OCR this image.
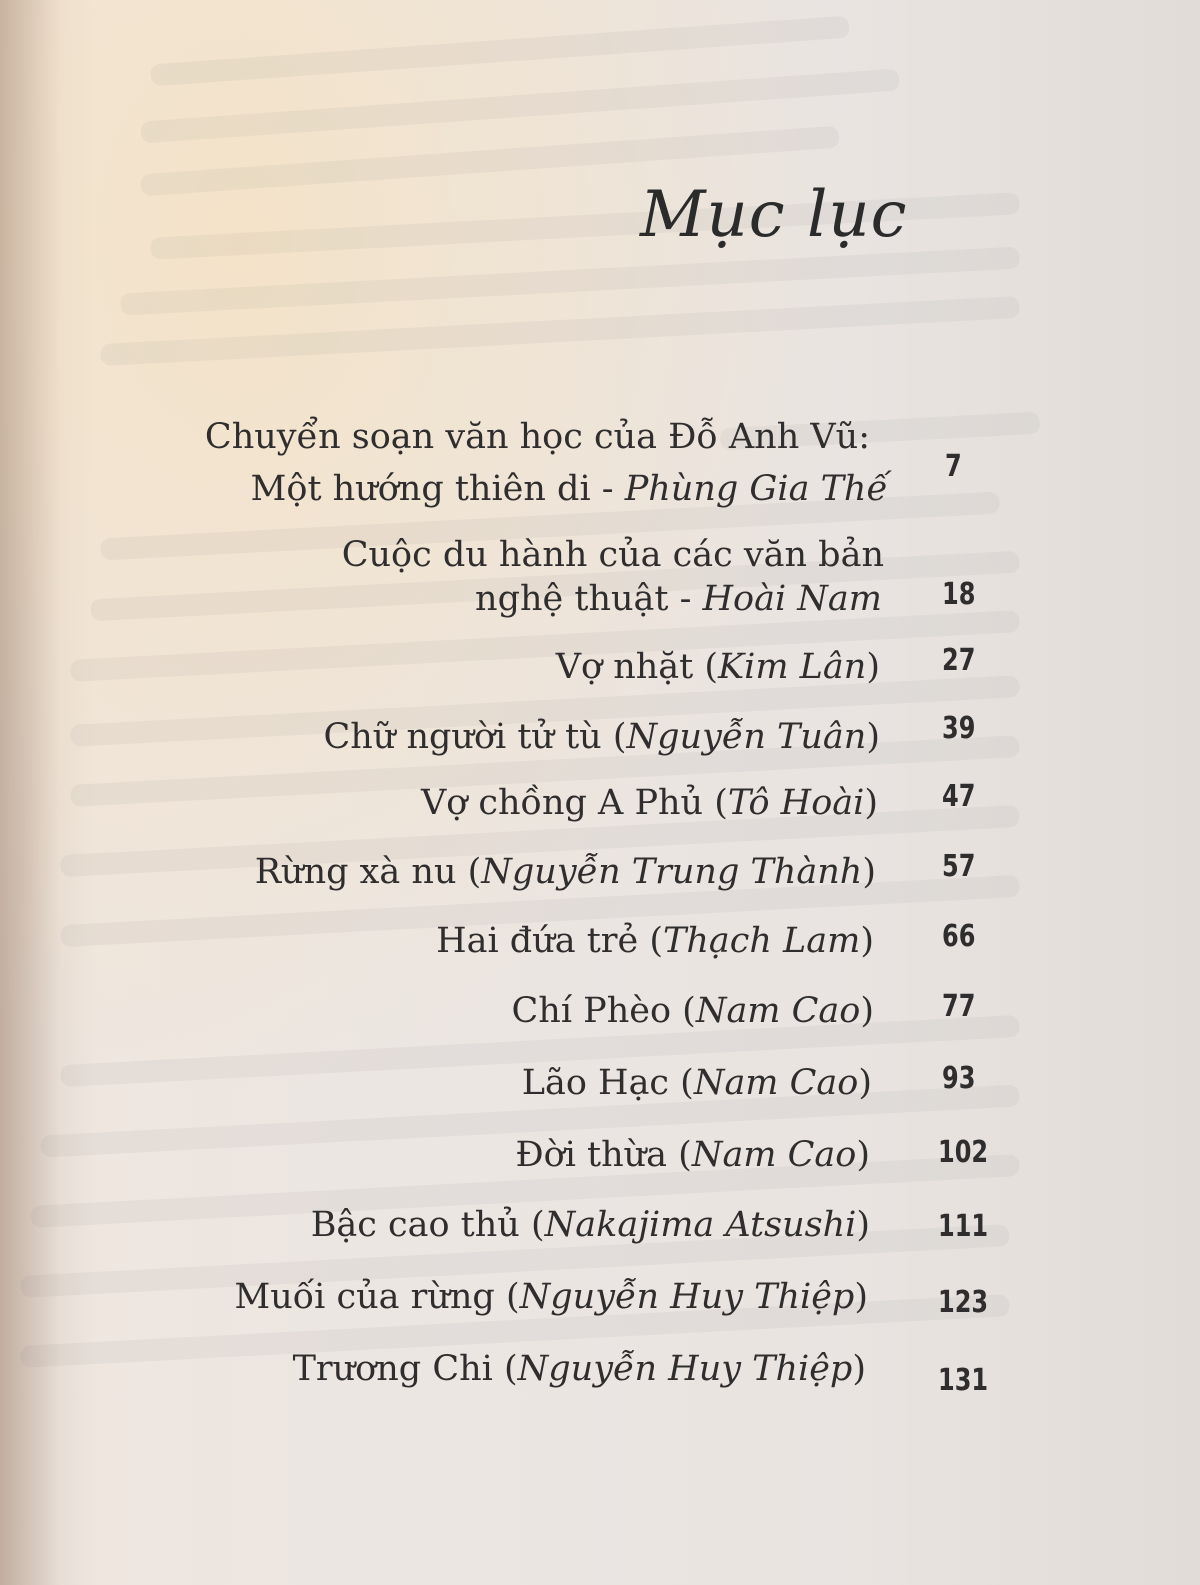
Mục lục
Chuyển soạn văn học của Đỗ Anh Vũ:
Một hướng thiên di - Phùng Gia Thế
7
Cuộc du hành của các văn bản
nghệ thuật - Hoài Nam 18
Vợ nhặt (Kim Lân) 27
Chữ người tử tù (Nguyễn Tuân) 39
Vợ chồng A Phủ (Tô Hoài) 47
Rừng xà nu (Nguyễn Trung Thành) 57
Hai đứa trẻ (Thạch Lam) 66
Chí Phèo (Nam Cao) 77
Lão Hạc (Nam Cao) 93
Đời thừa (Nam Cao) 102
Bậc cao thủ (Nakajima Atsushi) 111
Muối của rừng (Nguyễn Huy Thiệp) 123
Trương Chi (Nguyễn Huy Thiệp) 131
